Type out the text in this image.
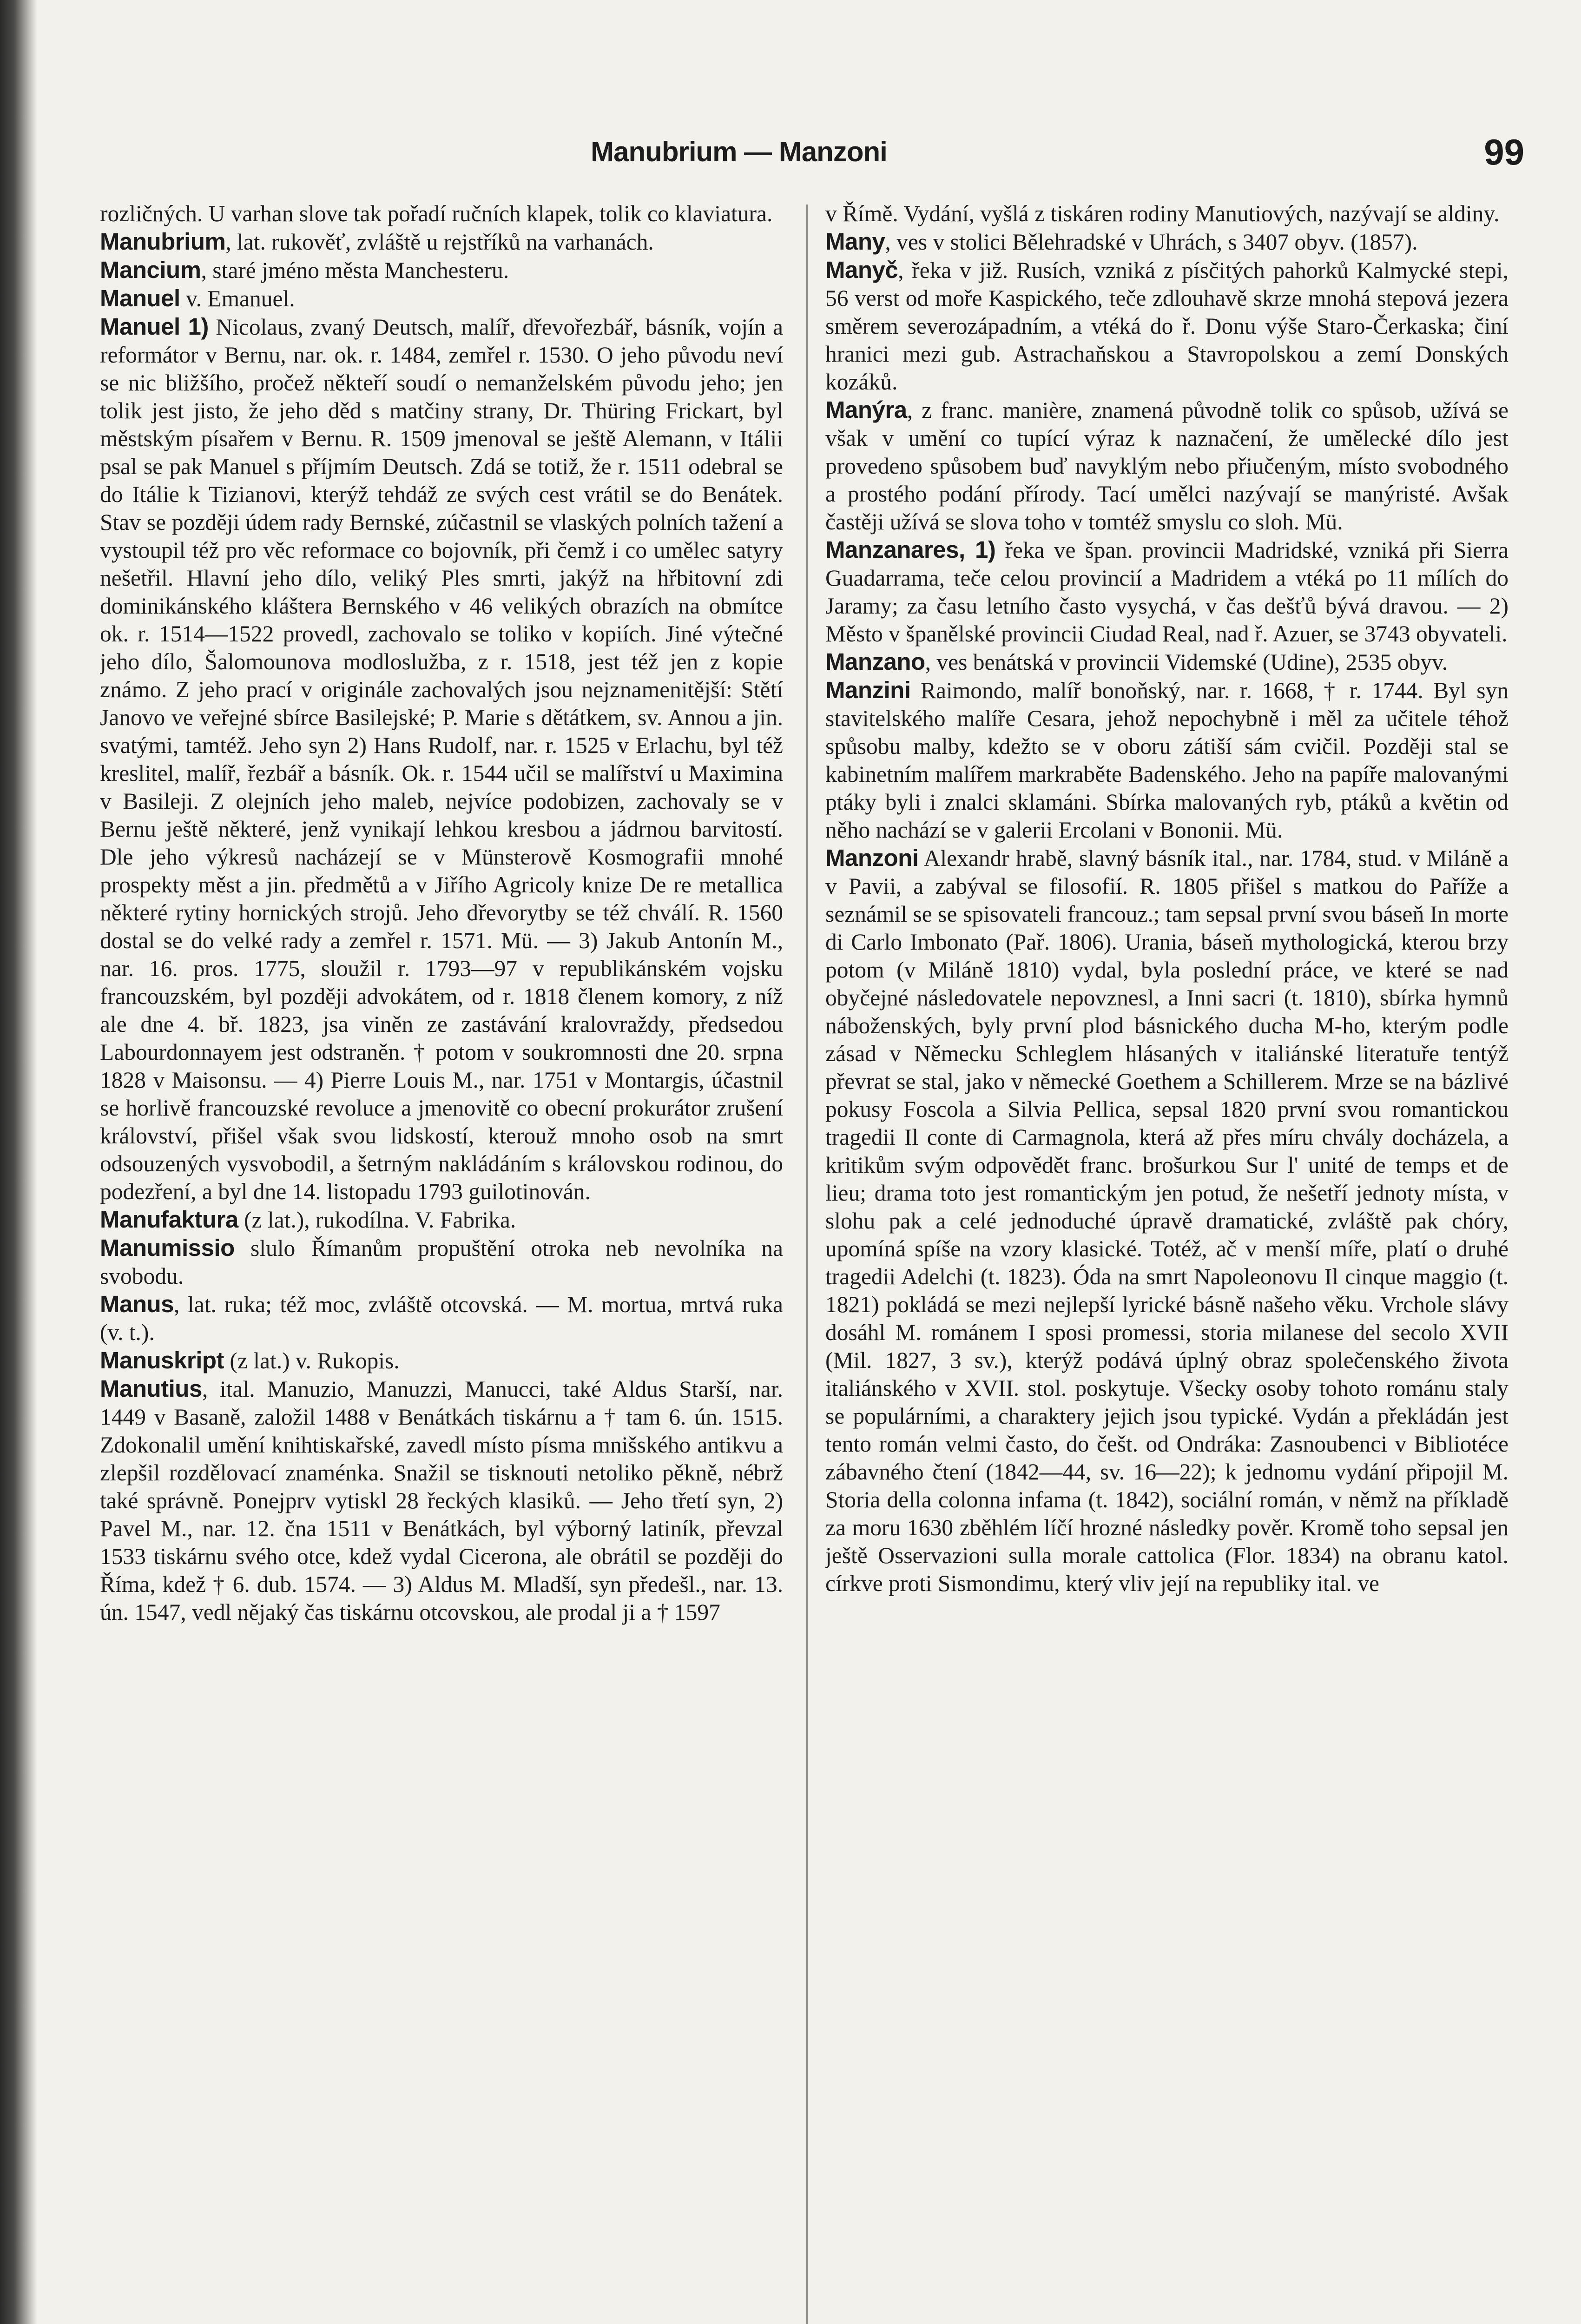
Manubrium — Manzoni	99

rozličných. U varhan slove tak pořadí ručních klapek, tolik co klaviatura.

Manubrium, lat. rukověť, zvláště u rejstříků na varhanách.

Mancium, staré jméno města Manchesteru.

Manuel v. Emanuel.

Manuel 1) Nicolaus, zvaný Deutsch, malíř, dřevořezbář, básník, vojín a reformátor v Bernu, nar. ok. r. 1484, zemřel r. 1530. O jeho původu neví se nic bližšího, pročež někteří soudí o nemanželském původu jeho; jen tolik jest jisto, že jeho děd s matčiny strany, Dr. Thüring Frickart, byl městským písařem v Bernu. R. 1509 jmenoval se ještě Alemann, v Itálii psal se pak Manuel s příjmím Deutsch. Zdá se totiž, že r. 1511 odebral se do Itálie k Tizianovi, kterýž tehdáž ze svých cest vrátil se do Benátek. Stav se později údem rady Bernské, zúčastnil se vlaských polních tažení a vystoupil též pro věc reformace co bojovník, při čemž i co umělec satyry nešetřil. Hlavní jeho dílo, veliký Ples smrti, jakýž na hřbitovní zdi dominikánského kláštera Bernského v 46 velikých obrazích na obmítce ok. r. 1514—1522 provedl, zachovalo se toliko v kopiích. Jiné výtečné jeho dílo, Šalomounova modloslužba, z r. 1518, jest též jen z kopie známo. Z jeho prací v originále zachovalých jsou nejznamenitější: Stětí Janovo ve veřejné sbírce Basilejské; P. Marie s dětátkem, sv. Annou a jin. svatými, tamtéž. Jeho syn 2) Hans Rudolf, nar. r. 1525 v Erlachu, byl též kreslitel, malíř, řezbář a básník. Ok. r. 1544 učil se malířství u Maximina v Basileji. Z olejních jeho maleb, nejvíce podobizen, zachovaly se v Bernu ještě některé, jenž vynikají lehkou kresbou a jádrnou barvitostí. Dle jeho výkresů nacházejí se v Münsterově Kosmografii mnohé prospekty měst a jin. předmětů a v Jiřího Agricoly knize De re metallica některé rytiny hornických strojů. Jeho dřevorytby se též chválí. R. 1560 dostal se do velké rady a zemřel r. 1571. Mü. — 3) Jakub Antonín M., nar. 16. pros. 1775, sloužil r. 1793—97 v republikánském vojsku francouzském, byl později advokátem, od r. 1818 členem komory, z níž ale dne 4. bř. 1823, jsa viněn ze zastávání kralovraždy, předsedou Labourdonnayem jest odstraněn. † potom v soukromnosti dne 20. srpna 1828 v Maisonsu. — 4) Pierre Louis M., nar. 1751 v Montargis, účastnil se horlivě francouzské revoluce a jmenovitě co obecní prokurátor zrušení království, přišel však svou lidskostí, kterouž mnoho osob na smrt odsouzených vysvobodil, a šetrným nakládáním s královskou rodinou, do podezření, a byl dne 14. listopadu 1793 guilotinován.

Manufaktura (z lat.), rukodílna. V. Fabrika.

Manumissio slulo Římanům propuštění otroka neb nevolníka na svobodu.

Manus, lat. ruka; též moc, zvláště otcovská. — M. mortua, mrtvá ruka (v. t.).

Manuskript (z lat.) v. Rukopis.

Manutius, ital. Manuzio, Manuzzi, Manucci, také Aldus Starší, nar. 1449 v Basaně, založil 1488 v Benátkách tiskárnu a † tam 6. ún. 1515. Zdokonalil umění knihtiskařské, zavedl místo písma mnišského antikvu a zlepšil rozdělovací znaménka. Snažil se tisknouti netoliko pěkně, nébrž také správně. Ponejprv vytiskl 28 řeckých klasiků. — Jeho třetí syn, 2) Pavel M., nar. 12. čna 1511 v Benátkách, byl výborný latiník, převzal 1533 tiskárnu svého otce, kdež vydal Cicerona, ale obrátil se později do Říma, kdež † 6. dub. 1574. — 3) Aldus M. Mladší, syn předešl., nar. 13. ún. 1547, vedl nějaký čas tiskárnu otcovskou, ale prodal ji a † 1597

v Římě. Vydání, vyšlá z tiskáren rodiny Manutiových, nazývají se aldiny.

Many, ves v stolici Bělehradské v Uhrách, s 3407 obyv. (1857).

Manyč, řeka v již. Rusích, vzniká z písčitých pahorků Kalmycké stepi, 56 verst od moře Kaspického, teče zdlouhavě skrze mnohá stepová jezera směrem severozápadním, a vtéká do ř. Donu výše Staro-Čerkaska; činí hranici mezi gub. Astrachaňskou a Stavropolskou a zemí Donských kozáků.

Manýra, z franc. manière, znamená původně tolik co spůsob, užívá se však v umění co tupící výraz k naznačení, že umělecké dílo jest provedeno spůsobem buď navyklým nebo přiučeným, místo svobodného a prostého podání přírody. Tací umělci nazývají se manýristé. Avšak častěji užívá se slova toho v tomtéž smyslu co sloh. Mü.

Manzanares, 1) řeka ve špan. provincii Madridské, vzniká při Sierra Guadarrama, teče celou provincií a Madridem a vtéká po 11 mílích do Jaramy; za času letního často vysychá, v čas dešťů bývá dravou. — 2) Město v španělské provincii Ciudad Real, nad ř. Azuer, se 3743 obyvateli.

Manzano, ves benátská v provincii Videmské (Udine), 2535 obyv.

Manzini Raimondo, malíř bonoňský, nar. r. 1668, † r. 1744. Byl syn stavitelského malíře Cesara, jehož nepochybně i měl za učitele téhož spůsobu malby, kdežto se v oboru zátiší sám cvičil. Později stal se kabinetním malířem markraběte Badenského. Jeho na papíře malovanými ptáky byli i znalci sklamáni. Sbírka malovaných ryb, ptáků a květin od něho nachází se v galerii Ercolani v Bononii. Mü.

Manzoni Alexandr hrabě, slavný básník ital., nar. 1784, stud. v Miláně a v Pavii, a zabýval se filosofií. R. 1805 přišel s matkou do Paříže a seznámil se se spisovateli francouz.; tam sepsal první svou báseň In morte di Carlo Imbonato (Pař. 1806). Urania, báseň mythologická, kterou brzy potom (v Miláně 1810) vydal, byla poslední práce, ve které se nad obyčejné následovatele nepovznesl, a Inni sacri (t. 1810), sbírka hymnů náboženských, byly první plod básnického ducha M-ho, kterým podle zásad v Německu Schleglem hlásaných v italiánské literatuře tentýž převrat se stal, jako v německé Goethem a Schillerem. Mrze se na bázlivé pokusy Foscola a Silvia Pellica, sepsal 1820 první svou romantickou tragedii Il conte di Carmagnola, která až přes míru chvály docházela, a kritikům svým odpovědět franc. brošurkou Sur l' unité de temps et de lieu; drama toto jest romantickým jen potud, že nešetří jednoty místa, v slohu pak a celé jednoduché úpravě dramatické, zvláště pak chóry, upomíná spíše na vzory klasické. Totéž, ač v menší míře, platí o druhé tragedii Adelchi (t. 1823). Óda na smrt Napoleonovu Il cinque maggio (t. 1821) pokládá se mezi nejlepší lyrické básně našeho věku. Vrchole slávy dosáhl M. románem I sposi promessi, storia milanese del secolo XVII (Mil. 1827, 3 sv.), kterýž podává úplný obraz společenského života italiánského v XVII. stol. poskytuje. Všecky osoby tohoto románu staly se populárními, a charaktery jejich jsou typické. Vydán a překládán jest tento román velmi často, do češt. od Ondráka: Zasnoubenci v Bibliotéce zábavného čtení (1842—44, sv. 16—22); k jednomu vydání připojil M. Storia della colonna infama (t. 1842), sociální román, v němž na příkladě za moru 1630 zběhlém líčí hrozné následky pověr. Kromě toho sepsal jen ještě Osservazioni sulla morale cattolica (Flor. 1834) na obranu katol. církve proti Sismondimu, který vliv její na republiky ital. ve
